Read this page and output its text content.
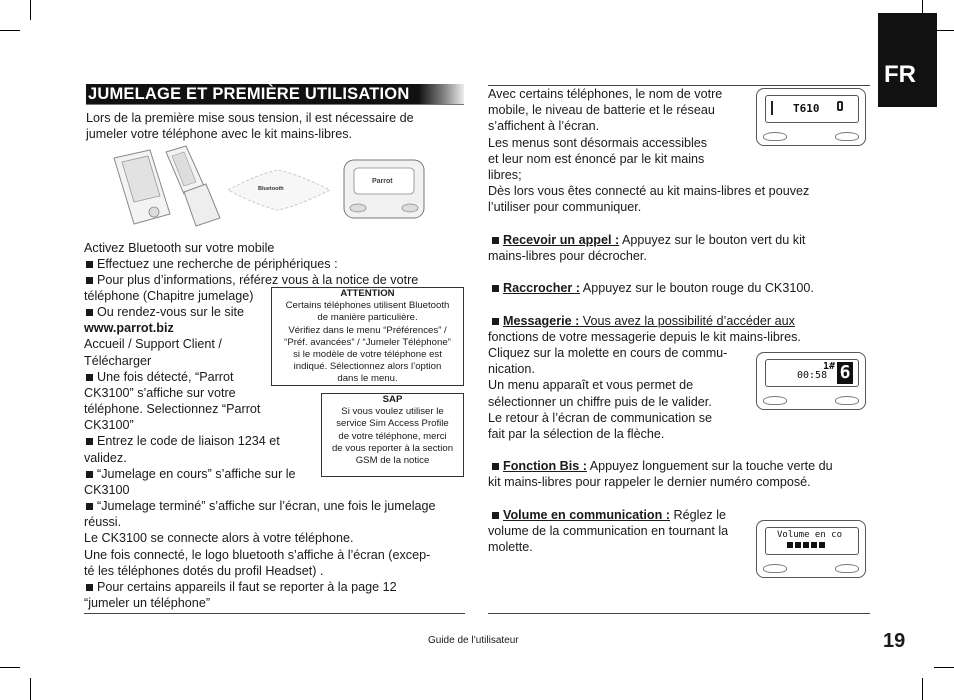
FR
JUMELAGE ET PREMIÈRE UTILISATION
Lors de la première mise sous tension, il est nécessaire de
jumeler votre téléphone avec le kit mains-libres.
Bluetooth
Parrot
Activez Bluetooth sur votre mobile
Effectuez une recherche de périphériques :
Pour plus d’informations, référez vous à la notice de votre
téléphone (Chapitre jumelage)
Ou rendez-vous sur le site
www.parrot.biz
Accueil / Support Client /
Télécharger
Une fois détecté, “Parrot
CK3100” s’affiche sur votre
téléphone. Selectionnez “Parrot
CK3100”
Entrez le code de liaison 1234 et
validez.
“Jumelage en cours” s’affiche sur le
CK3100
“Jumelage terminé” s’affiche sur l’écran, une fois le jumelage
réussi.
Le CK3100 se connecte alors à votre téléphone.
Une fois connecté, le logo bluetooth s’affiche à l’écran (excep-
té les téléphones dotés du profil Headset) .
Pour certains appareils il faut se reporter à la page 12
“jumeler un téléphone”
ATTENTION
Certains téléphones utilisent Bluetooth
de manière particulière.
Vérifiez dans le menu “Préférences” /
“Préf. avancées” / “Jumeler Téléphone”
si le modèle de votre téléphone est
indiqué. Sélectionnez alors l’option
dans le menu.
SAP
Si vous voulez utiliser le
service Sim Access Profile
de votre téléphone, merci
de vous reporter à la section
GSM de la notice
Avec certains téléphones, le nom de votre
mobile, le niveau de batterie et le réseau
s’affichent à l’écran.
Les menus sont désormais accessibles
et leur nom est énoncé par le kit mains
libres;
Dès lors vous êtes connecté au kit mains-libres et pouvez
l’utiliser pour communiquer.
T610
Recevoir un appel : Appuyez sur le bouton vert du kit
mains-libres pour décrocher.
Raccrocher : Appuyez sur le bouton rouge du CK3100.
Messagerie : Vous avez la possibilité d’accéder aux
fonctions de votre messagerie depuis le kit mains-libres.
Cliquez sur la molette en cours de commu-
nication.
Un menu apparaît et vous permet de
sélectionner un chiffre puis de le valider.
Le retour à l’écran de communication se
fait par la sélection de la flèche.
00:58
1# 6
Fonction Bis : Appuyez longuement sur la touche verte du
kit mains-libres pour rappeler le dernier numéro composé.
Volume en communication : Réglez le
volume de la communication en tournant la
molette.
Volume en co
Guide de l’utilisateur	19
